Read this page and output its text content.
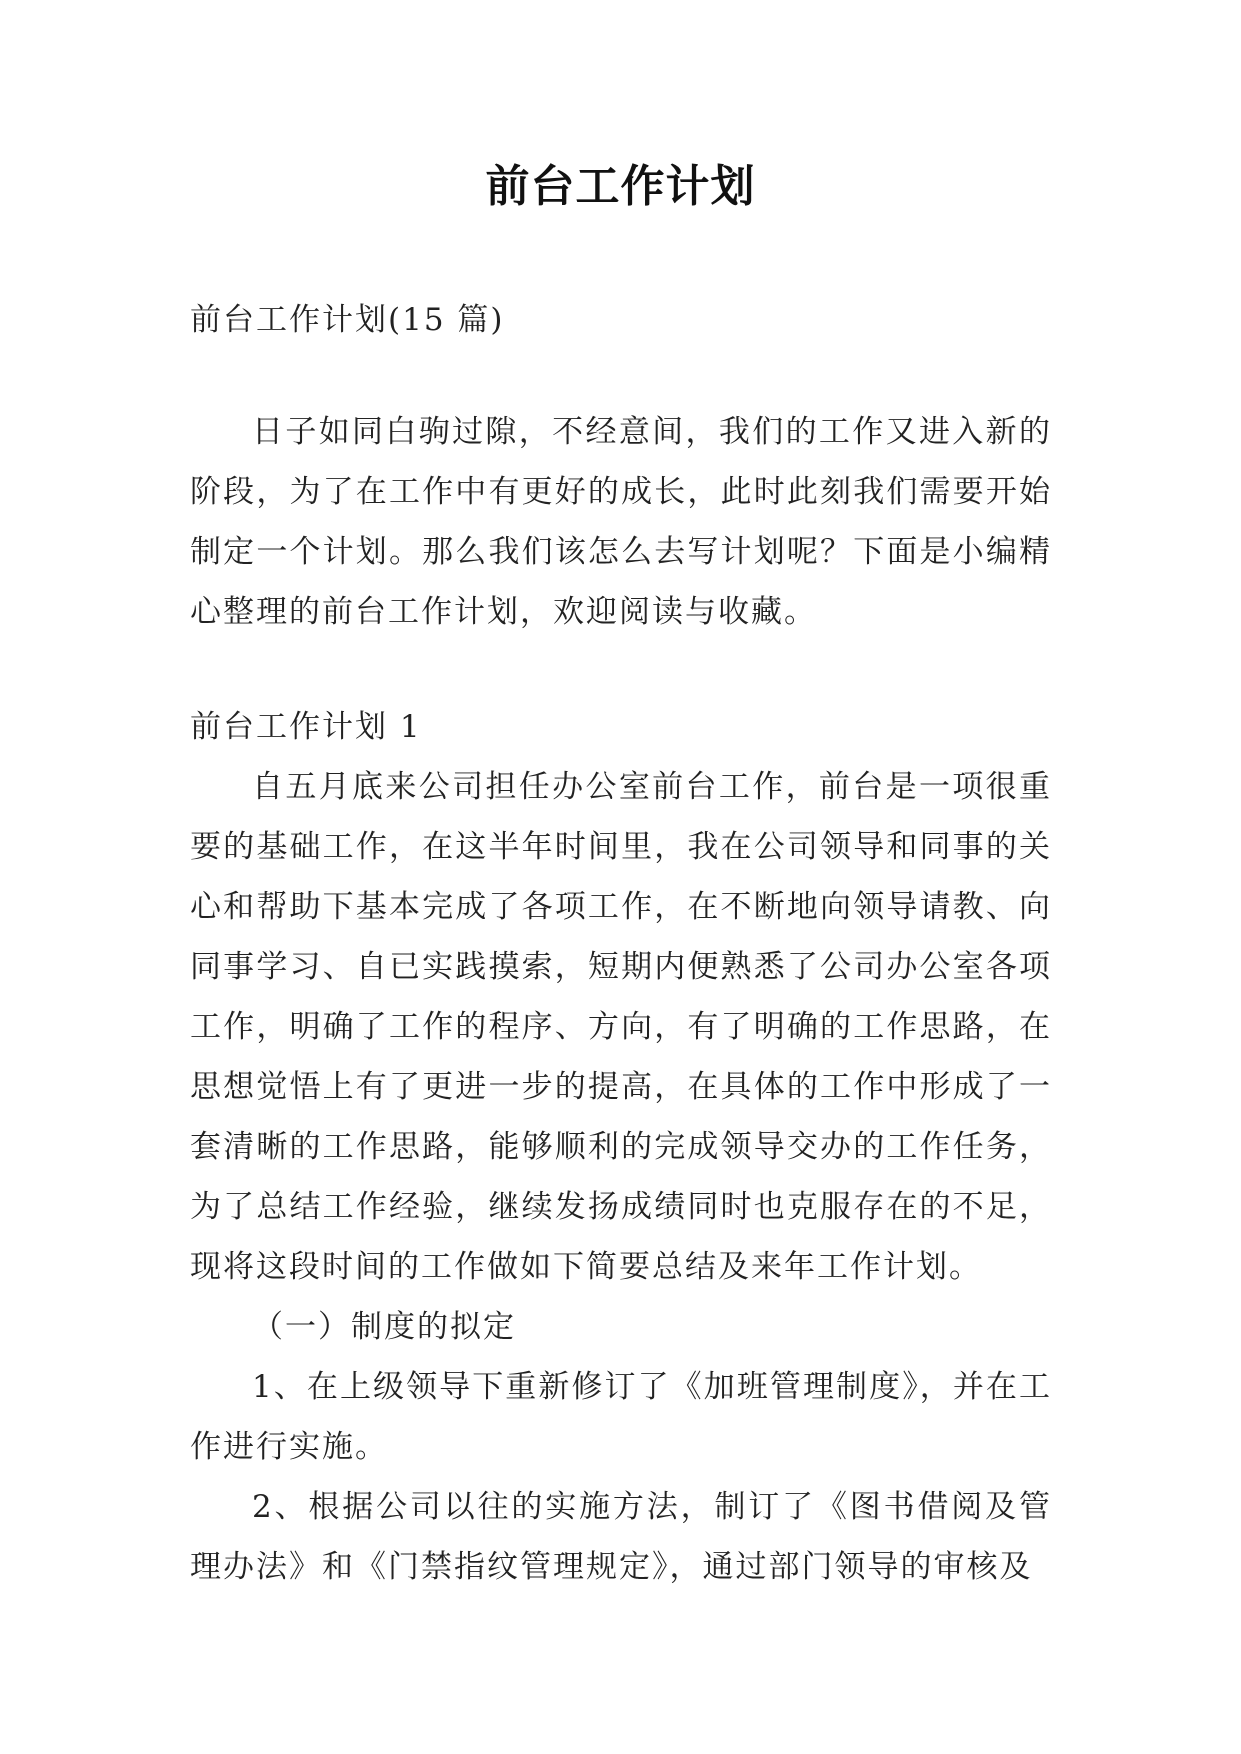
前台工作计划

前台工作计划(15 篇)

日子如同白驹过隙，不经意间，我们的工作又进入新的阶段，为了在工作中有更好的成长，此时此刻我们需要开始制定一个计划。那么我们该怎么去写计划呢？下面是小编精心整理的前台工作计划，欢迎阅读与收藏。

前台工作计划 1

自五月底来公司担任办公室前台工作，前台是一项很重要的基础工作，在这半年时间里，我在公司领导和同事的关心和帮助下基本完成了各项工作，在不断地向领导请教、向同事学习、自已实践摸索，短期内便熟悉了公司办公室各项工作，明确了工作的程序、方向，有了明确的工作思路，在思想觉悟上有了更进一步的提高，在具体的工作中形成了一套清晰的工作思路，能够顺利的完成领导交办的工作任务，为了总结工作经验，继续发扬成绩同时也克服存在的不足，现将这段时间的工作做如下简要总结及来年工作计划。

（一）制度的拟定

1、在上级领导下重新修订了《加班管理制度》，并在工作进行实施。

2、根据公司以往的实施方法，制订了《图书借阅及管理办法》和《门禁指纹管理规定》，通过部门领导的审核及
